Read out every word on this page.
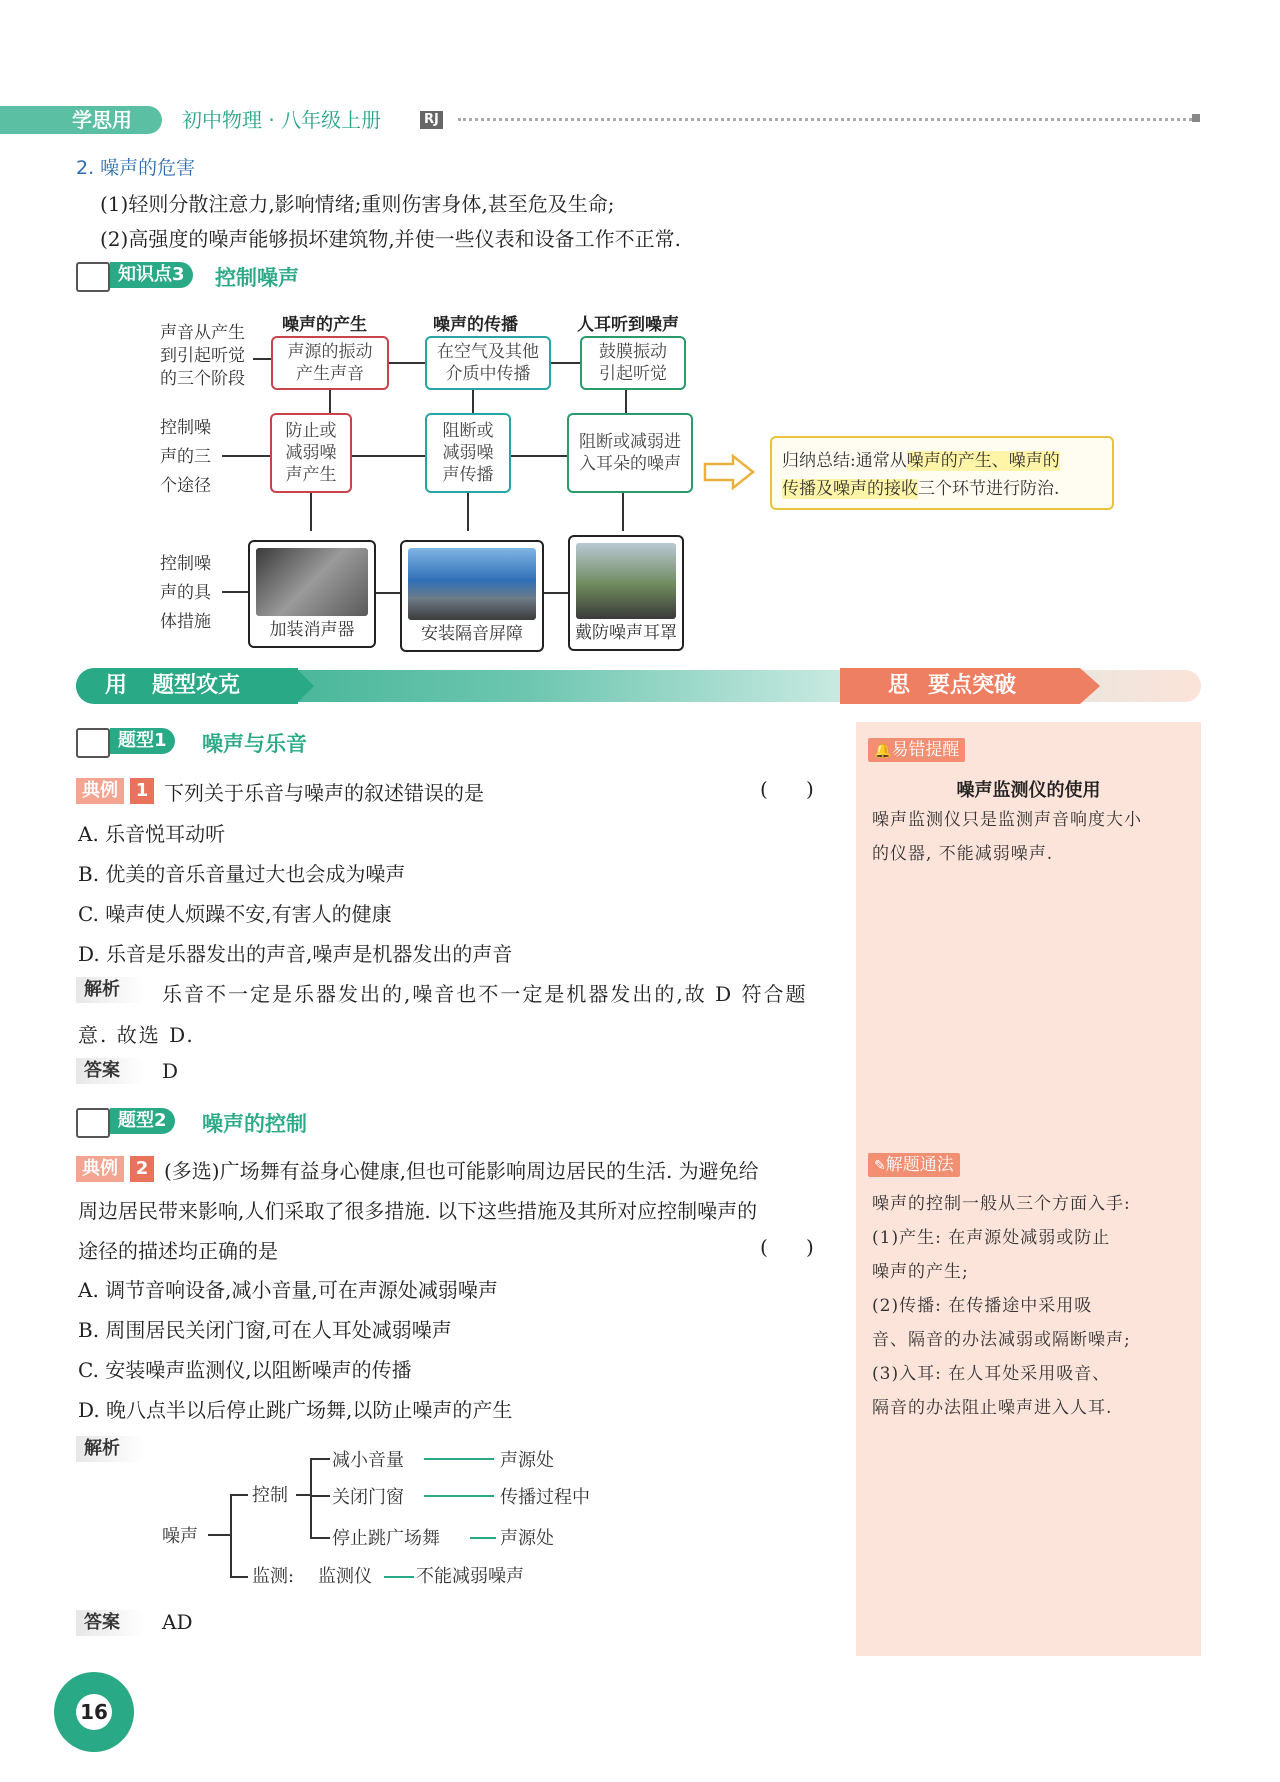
学思用	初中物理 · 八年级上册	RJ
2. 噪声的危害
(1)轻则分散注意力,影响情绪;重则伤害身体,甚至危及生命;
(2)高强度的噪声能够损坏建筑物,并使一些仪表和设备工作不正常.
知识点3	控制噪声
噪声的产生	噪声的传播	人耳听到噪声
声音从产生
到引起听觉
的三个阶段
声源的振动
产生声音
在空气及其他
介质中传播
鼓膜振动
引起听觉
控制噪
声的三
个途径
防止或
减弱噪
声产生
阻断或
减弱噪
声传播
阻断或减弱进
入耳朵的噪声	归纳总结:通常从噪声的产生、噪声的
传播及噪声的接收三个环节进行防治.
控制噪
声的具
体措施	加装消声器	安装隔音屏障	戴防噪声耳罩
用 题型攻克	思 要点突破
🔔易错提醒
噪声监测仪的使用
噪声监测仪只是监测声音响度大小
的仪器, 不能减弱噪声.
✎解题通法
噪声的控制一般从三个方面入手:
(1)产生: 在声源处减弱或防止
噪声的产生;
(2)传播: 在传播途中采用吸
音、隔音的办法减弱或隔断噪声;
(3)入耳: 在人耳处采用吸音、
隔音的办法阻止噪声进入人耳.
题型1	噪声与乐音
典例 1 下列关于乐音与噪声的叙述错误的是	(      )
A. 乐音悦耳动听
B. 优美的音乐音量过大也会成为噪声
C. 噪声使人烦躁不安,有害人的健康
D. 乐音是乐器发出的声音,噪声是机器发出的声音
解析	乐音不一定是乐器发出的,噪音也不一定是机器发出的,故 D 符合题
意. 故选 D.
答案	D
题型2	噪声的控制
典例 2 (多选)广场舞有益身心健康,但也可能影响周边居民的生活. 为避免给
周边居民带来影响,人们采取了很多措施. 以下这些措施及其所对应控制噪声的
途径的描述均正确的是	(      )
A. 调节音响设备,减小音量,可在声源处减弱噪声
B. 周围居民关闭门窗,可在人耳处减弱噪声
C. 安装噪声监测仪,以阻断噪声的传播
D. 晚八点半以后停止跳广场舞,以防止噪声的产生
解析
噪声
控制
监测: 监测仪 不能减弱噪声
减小音量
关闭门窗
停止跳广场舞
声源处
传播过程中
声源处
答案	AD
16
